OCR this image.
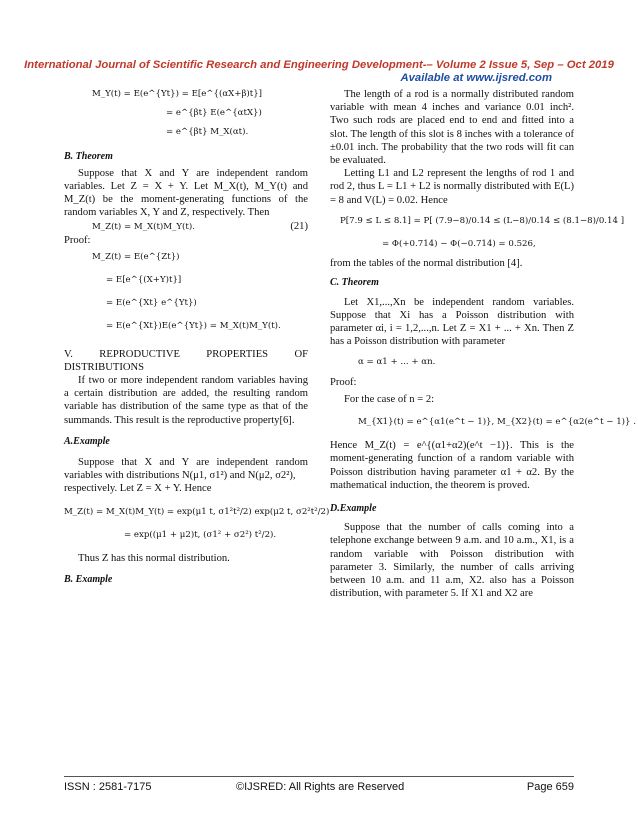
International Journal of Scientific Research and Engineering Development-– Volume 2 Issue 5, Sep – Oct 2019
Available at www.ijsred.com

M_Y(t) = E(e^{Yt}) = E[e^{(αX+β)t}]

= e^{βt} E(e^{αtX})

= e^{βt} M_X(αt).

B. Theorem

Suppose that X and Y are independent random variables. Let Z = X + Y. Let M_X(t), M_Y(t) and M_Z(t) be the moment-generating functions of the random variables X, Y and Z, respectively. Then

M_Z(t) = M_X(t)M_Y(t).	(21)

Proof:

M_Z(t) = E(e^{Zt})

= E[e^{(X+Y)t}]

= E(e^{Xt} e^{Yt})

= E(e^{Xt})E(e^{Yt}) = M_X(t)M_Y(t).

V. REPRODUCTIVE PROPERTIES OF DISTRIBUTIONS

If two or more independent random variables having a certain distribution are added, the resulting random variable has distribution of the same type as that of the summands. This result is the reproductive property[6].

A.Example

Suppose that X and Y are independent random variables with distributions N(μ1, σ1²) and N(μ2, σ2²),

respectively. Let Z = X + Y. Hence

M_Z(t) = M_X(t)M_Y(t) = exp(μ1 t, σ1²t²/2) exp(μ2 t, σ2²t²/2)

= exp((μ1 + μ2)t, (σ1² + σ2²) t²/2).

Thus Z has this normal distribution.

B. Example

The length of a rod is a normally distributed random variable with mean 4 inches and variance 0.01 inch². Two such rods are placed end to end and fitted into a slot. The length of this slot is 8 inches with a tolerance of ±0.01 inch. The probability that the two rods will fit can be evaluated.

Letting L1 and L2 represent the lengths of rod 1 and rod 2, thus L = L1 + L2 is normally distributed with E(L) = 8 and V(L) = 0.02. Hence

P[7.9 ≤ L ≤ 8.1] = P[ (7.9−8)/0.14 ≤ (L−8)/0.14 ≤ (8.1−8)/0.14 ]

= Φ(+0.714) − Φ(−0.714) = 0.526,

from the tables of the normal distribution [4].

C. Theorem

Let X1,...,Xn be independent random variables. Suppose that Xi has a Poisson distribution with parameter αi, i = 1,2,...,n. Let Z = X1 + ... + Xn. Then Z has a Poisson distribution with parameter

α = α1 + ... + αn.

Proof:

For the case of n = 2:

M_{X1}(t) = e^{α1(e^t − 1)}, M_{X2}(t) = e^{α2(e^t − 1)} .

Hence M_Z(t) = e^{(α1+α2)(e^t −1)}. This is the moment-generating function of a random variable with Poisson distribution having parameter α1 + α2. By the mathematical induction, the theorem is proved.

D.Example

Suppose that the number of calls coming into a telephone exchange between 9 a.m. and 10 a.m., X1, is a random variable with Poisson distribution with parameter 3. Similarly, the number of calls arriving between 10 a.m. and 11 a.m, X2. also has a Poisson distribution, with parameter 5. If X1 and X2 are

ISSN : 2581-7175	©IJSRED: All Rights are Reserved	Page 659
